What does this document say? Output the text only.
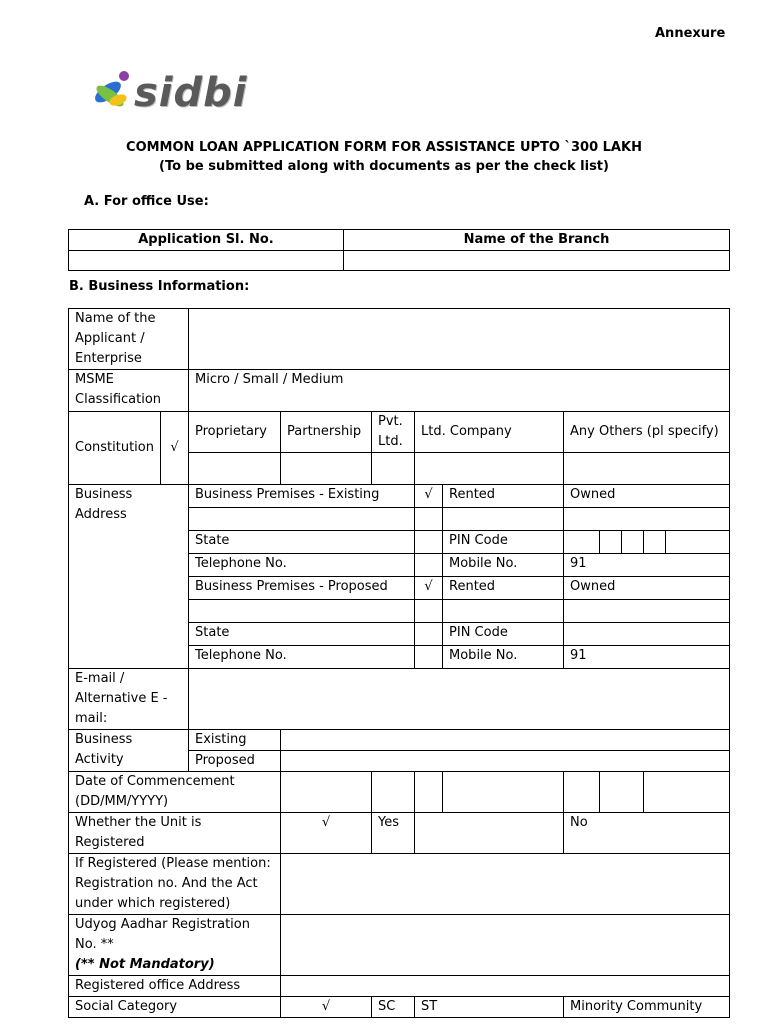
Annexure
sidbi
COMMON LOAN APPLICATION FORM FOR ASSISTANCE UPTO `300 LAKH
(To be submitted along with documents as per the check list)
A. For office Use:
Application Sl. No.	Name of the Branch

B. Business Information:
Name of the Applicant / Enterprise											
MSME Classification		Micro / Small / Medium									
Constitution	√	Proprietary	Partnership	Pvt. Ltd.	Ltd. Company		Any Others (pl specify)				

Business Address		Business Premises - Existing			√	Rented	Owned				

		State				PIN Code					
		Telephone No.				Mobile No.	91				
		Business Premises - Proposed			√	Rented	Owned				

		State				PIN Code					
		Telephone No.				Mobile No.	91				
E-mail / Alternative E - mail:											
Business Activity		Existing									
		Proposed									
Date of Commencement (DD/MM/YYYY)											
Whether the Unit is Registered			√	Yes			No				
If Registered (Please mention: Registration no. And the Act under which registered)											

Udyog Aadhar Registration No. **
(** Not Mandatory)											

Registered office Address											
Social Category			√	SC	ST		Minority Community				
